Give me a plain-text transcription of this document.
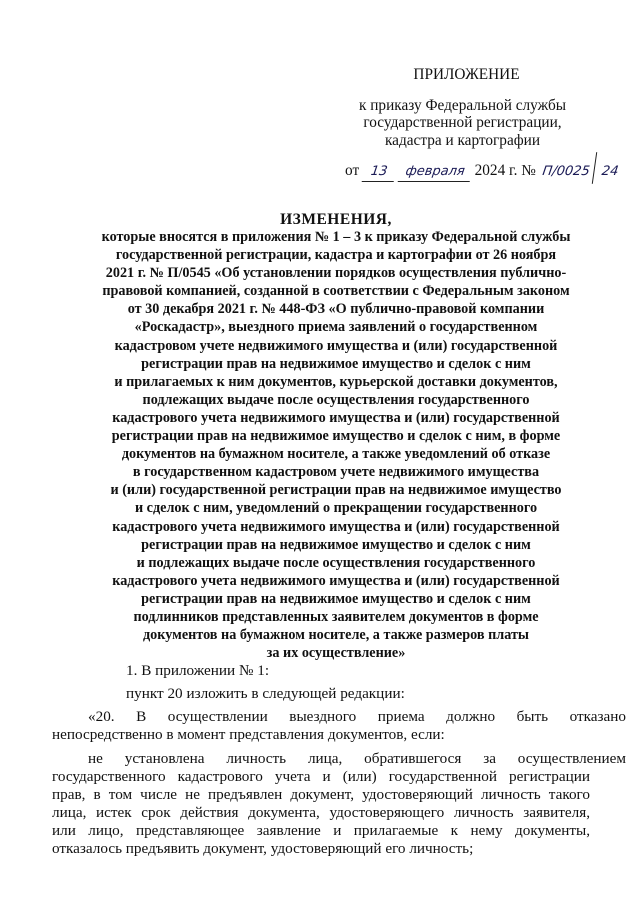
ПРИЛОЖЕНИЕ
к приказу Федеральной службы
государственной регистрации,
кадастра и картографии
от 13 февраля 2024 г. № П/0025 24
ИЗМЕНЕНИЯ,
которые вносятся в приложения № 1 – 3 к приказу Федеральной службы
государственной регистрации, кадастра и картографии от 26 ноября
2021 г. № П/0545 «Об установлении порядков осуществления публично-
правовой компанией, созданной в соответствии с Федеральным законом
от 30 декабря 2021 г. № 448-ФЗ «О публично-правовой компании
«Роскадастр», выездного приема заявлений о государственном
кадастровом учете недвижимого имущества и (или) государственной
регистрации прав на недвижимое имущество и сделок с ним
и прилагаемых к ним документов, курьерской доставки документов,
подлежащих выдаче после осуществления государственного
кадастрового учета недвижимого имущества и (или) государственной
регистрации прав на недвижимое имущество и сделок с ним, в форме
документов на бумажном носителе, а также уведомлений об отказе
в государственном кадастровом учете недвижимого имущества
и (или) государственной регистрации прав на недвижимое имущество
и сделок с ним, уведомлений о прекращении государственного
кадастрового учета недвижимого имущества и (или) государственной
регистрации прав на недвижимое имущество и сделок с ним
и подлежащих выдаче после осуществления государственного
кадастрового учета недвижимого имущества и (или) государственной
регистрации прав на недвижимое имущество и сделок с ним
подлинников представленных заявителем документов в форме
документов на бумажном носителе, а также размеров платы
за их осуществление»
1. В приложении № 1:
пункт 20 изложить в следующей редакции:
«20. В осуществлении выездного приема должно быть отказано
непосредственно в момент представления документов, если:
не установлена личность лица, обратившегося за осуществлением
государственного кадастрового учета и (или) государственной регистрации
прав, в том числе не предъявлен документ, удостоверяющий личность такого
лица, истек срок действия документа, удостоверяющего личность заявителя,
или лицо, представляющее заявление и прилагаемые к нему документы,
отказалось предъявить документ, удостоверяющий его личность;
